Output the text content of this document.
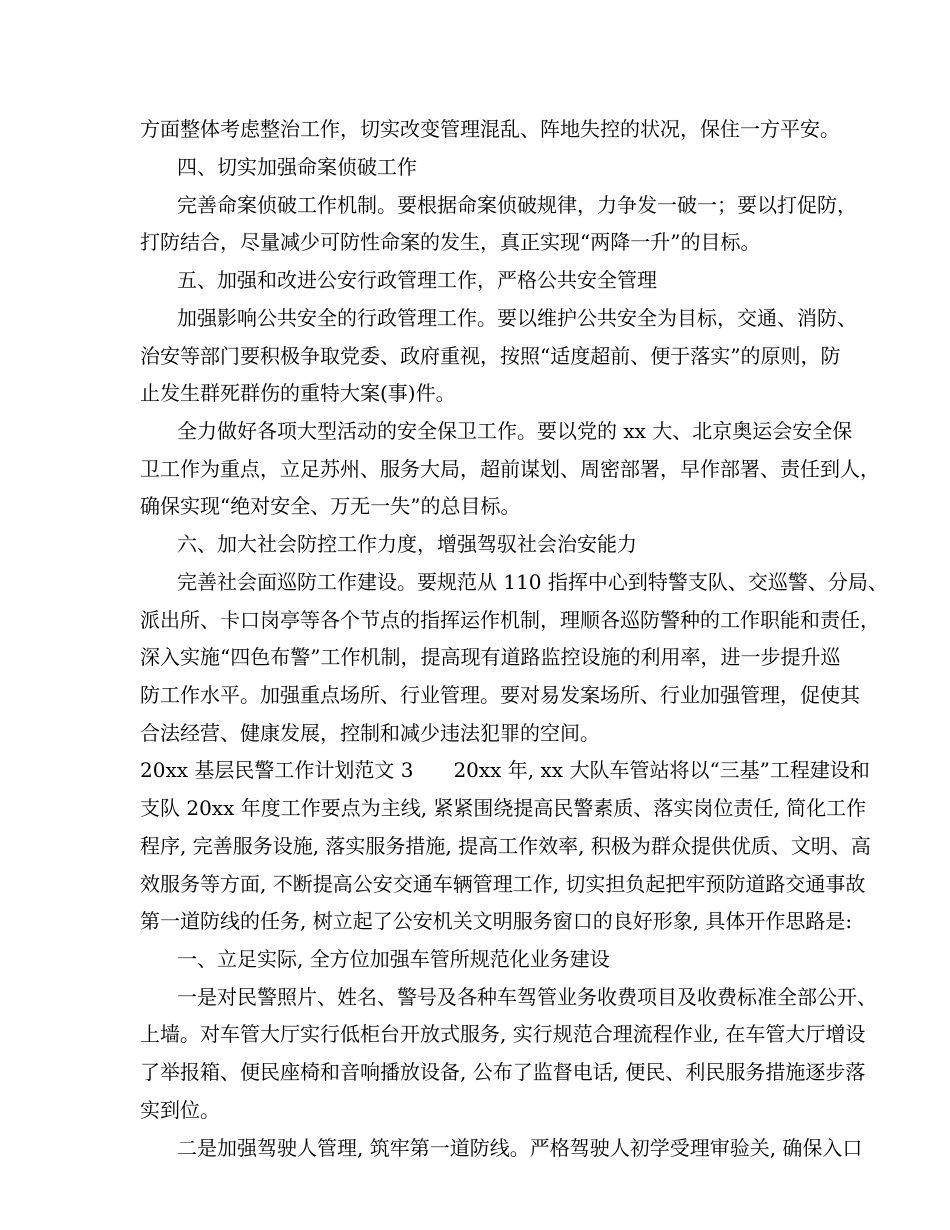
方面整体考虑整治工作，切实改变管理混乱、阵地失控的状况，保住一方平安。
四、切实加强命案侦破工作
完善命案侦破工作机制。要根据命案侦破规律，力争发一破一；要以打促防，
打防结合，尽量减少可防性命案的发生，真正实现“两降一升”的目标。
五、加强和改进公安行政管理工作，严格公共安全管理
加强影响公共安全的行政管理工作。要以维护公共安全为目标，交通、消防、
治安等部门要积极争取党委、政府重视，按照“适度超前、便于落实”的原则，防
止发生群死群伤的重特大案(事)件。
全力做好各项大型活动的安全保卫工作。要以党的 xx 大、北京奥运会安全保
卫工作为重点，立足苏州、服务大局，超前谋划、周密部署，早作部署、责任到人，
确保实现“绝对安全、万无一失”的总目标。
六、加大社会防控工作力度，增强驾驭社会治安能力
完善社会面巡防工作建设。要规范从 110 指挥中心到特警支队、交巡警、分局、
派出所、卡口岗亭等各个节点的指挥运作机制，理顺各巡防警种的工作职能和责任，
深入实施“四色布警”工作机制，提高现有道路监控设施的利用率，进一步提升巡
防工作水平。加强重点场所、行业管理。要对易发案场所、行业加强管理，促使其
合法经营、健康发展，控制和减少违法犯罪的空间。
20xx 基层民警工作计划范文 3　　20xx 年, xx 大队车管站将以“三基”工程建设和
支队 20xx 年度工作要点为主线, 紧紧围绕提高民警素质、落实岗位责任, 简化工作
程序, 完善服务设施, 落实服务措施, 提高工作效率, 积极为群众提供优质、文明、高
效服务等方面, 不断提高公安交通车辆管理工作, 切实担负起把牢预防道路交通事故
第一道防线的任务, 树立起了公安机关文明服务窗口的良好形象, 具体开作思路是:
一、立足实际, 全方位加强车管所规范化业务建设
一是对民警照片、姓名、警号及各种车驾管业务收费项目及收费标准全部公开、
上墙。对车管大厅实行低柜台开放式服务, 实行规范合理流程作业, 在车管大厅增设
了举报箱、便民座椅和音响播放设备, 公布了监督电话, 便民、利民服务措施逐步落
实到位。
二是加强驾驶人管理, 筑牢第一道防线。严格驾驶人初学受理审验关, 确保入口
